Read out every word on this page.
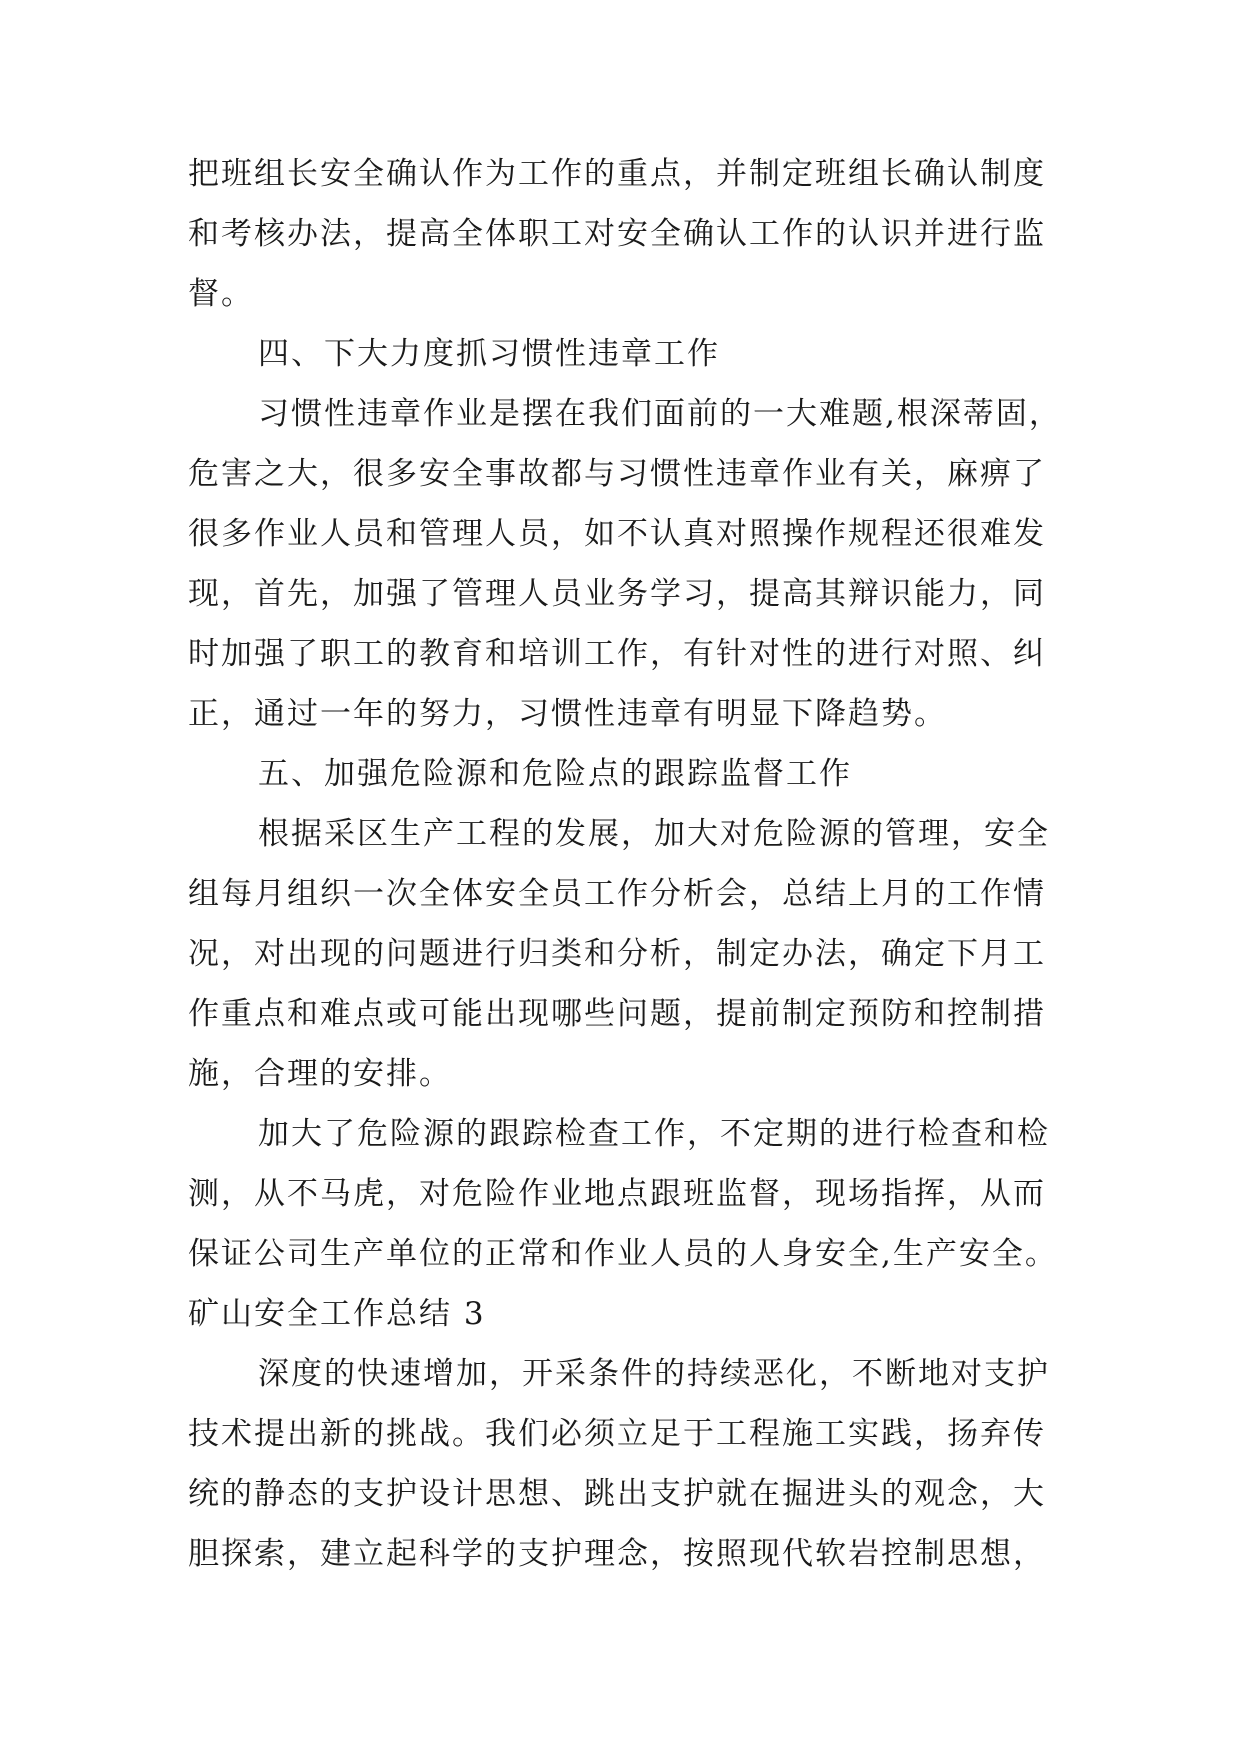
把班组长安全确认作为工作的重点，并制定班组长确认制度
和考核办法，提高全体职工对安全确认工作的认识并进行监
督。
四、下大力度抓习惯性违章工作
习惯性违章作业是摆在我们面前的一大难题,根深蒂固，
危害之大，很多安全事故都与习惯性违章作业有关，麻痹了
很多作业人员和管理人员，如不认真对照操作规程还很难发
现，首先，加强了管理人员业务学习，提高其辩识能力，同
时加强了职工的教育和培训工作，有针对性的进行对照、纠
正，通过一年的努力，习惯性违章有明显下降趋势。
五、加强危险源和危险点的跟踪监督工作
根据采区生产工程的发展，加大对危险源的管理，安全
组每月组织一次全体安全员工作分析会，总结上月的工作情
况，对出现的问题进行归类和分析，制定办法，确定下月工
作重点和难点或可能出现哪些问题，提前制定预防和控制措
施，合理的安排。
加大了危险源的跟踪检查工作，不定期的进行检查和检
测，从不马虎，对危险作业地点跟班监督，现场指挥，从而
保证公司生产单位的正常和作业人员的人身安全,生产安全。
矿山安全工作总结 3
深度的快速增加，开采条件的持续恶化，不断地对支护
技术提出新的挑战。我们必须立足于工程施工实践，扬弃传
统的静态的支护设计思想、跳出支护就在掘进头的观念，大
胆探索，建立起科学的支护理念，按照现代软岩控制思想，
